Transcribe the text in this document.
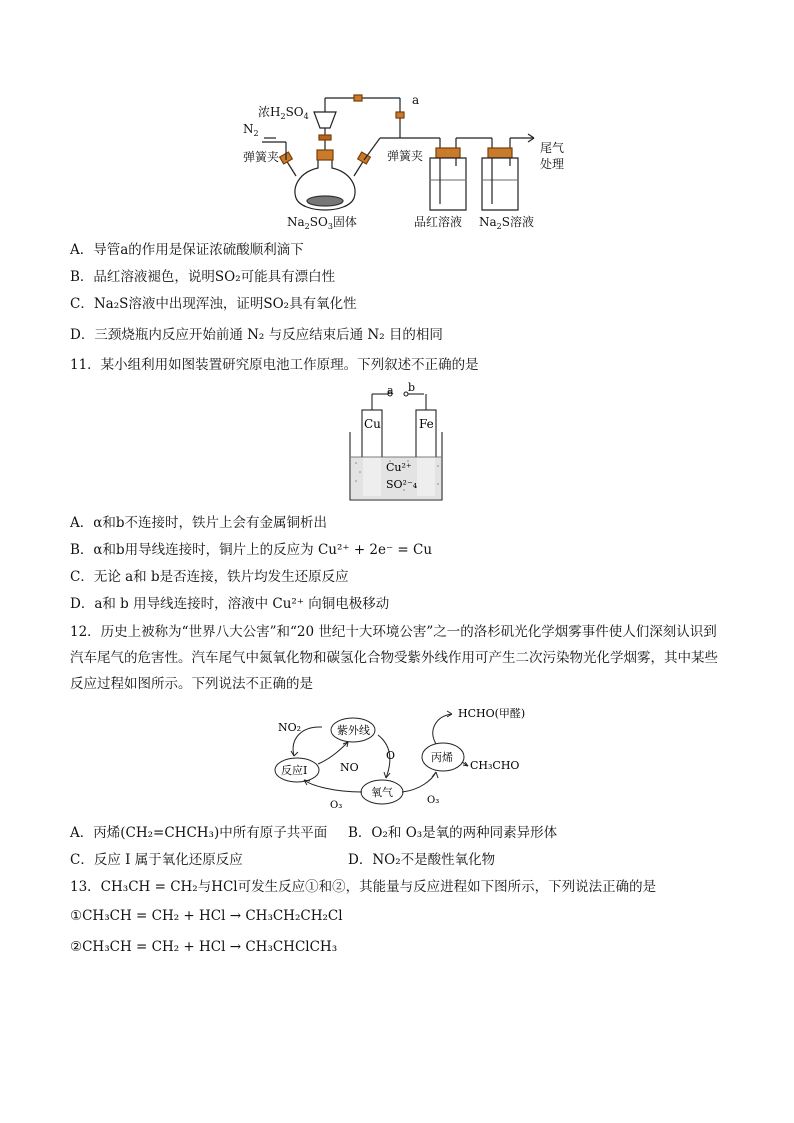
浓$H_2SO_4$
$N_2$
弹簧夹	弹簧夹
a
$Na_2SO_3$固体	品红溶液 $Na_2S$溶液
尾气
处理
A．导管a的作用是保证浓硫酸顺利滴下
B．品红溶液褪色，说明SO₂可能具有漂白性
C．Na₂S溶液中出现浑浊，证明SO₂具有氧化性
D．三颈烧瓶内反应开始前通 N₂ 与反应结束后通 N₂ 目的相同
11．某小组利用如图装置研究原电池工作原理。下列叙述不正确的是
a b
Cu	Fe
Cu²⁺
SO²⁻₄
A．α和b不连接时，铁片上会有金属铜析出
B．α和b用导线连接时，铜片上的反应为 Cu²⁺ + 2e⁻ = Cu
C．无论 a和 b是否连接，铁片均发生还原反应
D．a和 b 用导线连接时，溶液中 Cu²⁺ 向铜电极移动
12．历史上被称为“世界八大公害”和“20 世纪十大环境公害”之一的洛杉矶光化学烟雾事件使人们深刻认识到汽车尾气的危害性。汽车尾气中氮氧化物和碳氢化合物受紫外线作用可产生二次污染物光化学烟雾，其中某些反应过程如图所示。下列说法不正确的是
NO₂	紫外线
O
NO
反应Ⅰ
O₃
氧气
O₃
丙烯
HCHO(甲醛)
CH₃CHO
A．丙烯(CH₂=CHCH₃)中所有原子共平面 B．O₂和 O₃是氧的两种同素异形体
C．反应 I 属于氧化还原反应	D．NO₂不是酸性氧化物
13．CH₃CH = CH₂与HCl可发生反应①和②，其能量与反应进程如下图所示，下列说法正确的是
①CH₃CH = CH₂ + HCl → CH₃CH₂CH₂Cl
②CH₃CH = CH₂ + HCl → CH₃CHClCH₃
